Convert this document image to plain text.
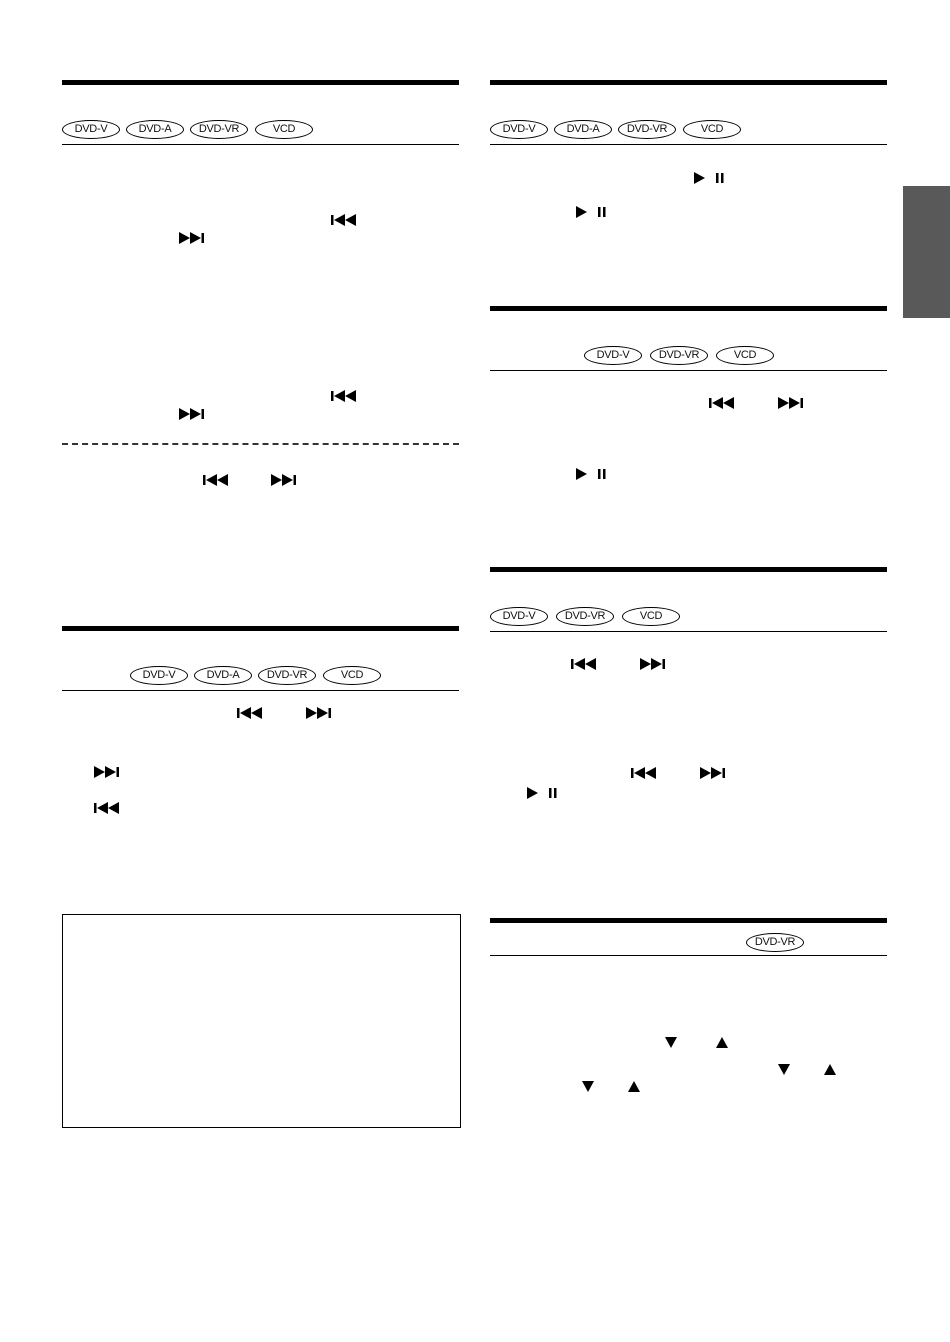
DVD-V	DVD-A	DVD-VR	VCD
DVD-V	DVD-A	DVD-VR	VCD
DVD-V	DVD-A	DVD-VR	VCD
DVD-V	DVD-VR	VCD
DVD-V	DVD-VR	VCD
DVD-VR
